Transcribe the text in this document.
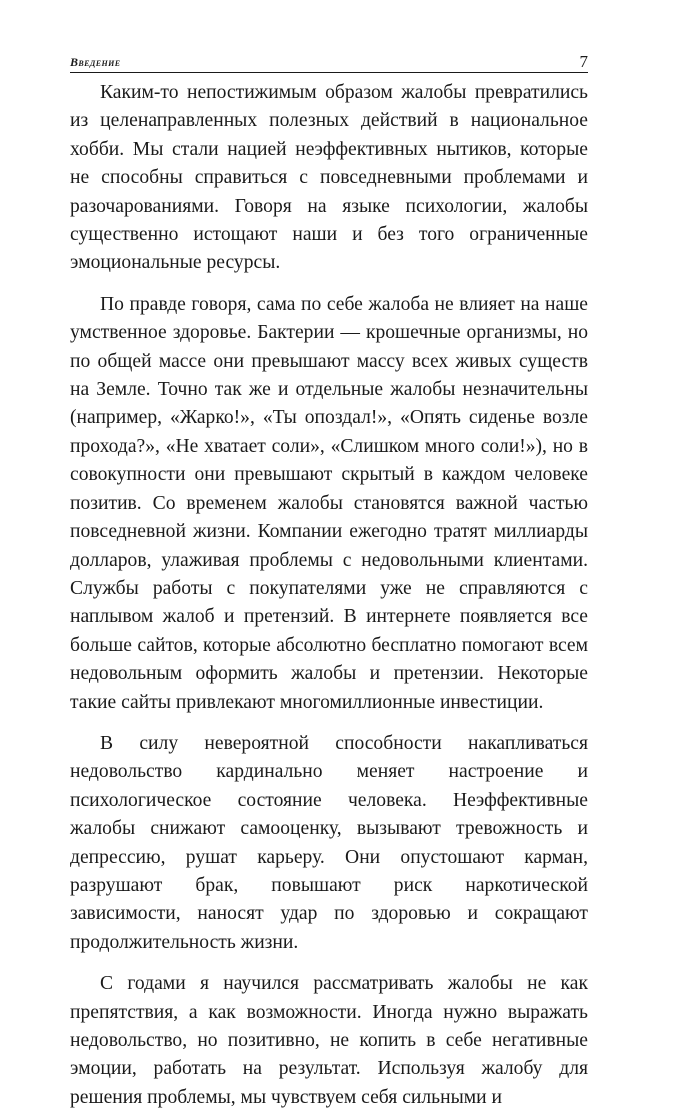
Введение	7

Каким-то непостижимым образом жалобы превратились из целенаправленных полезных действий в национальное хобби. Мы стали нацией неэффективных нытиков, которые не способны справиться с повседневными проблемами и разочарованиями. Говоря на языке психологии, жалобы существенно истощают наши и без того ограниченные эмоциональные ресурсы.

По правде говоря, сама по себе жалоба не влияет на наше умственное здоровье. Бактерии — крошечные организмы, но по общей массе они превышают массу всех живых существ на Земле. Точно так же и отдельные жалобы незначительны (например, «Жарко!», «Ты опоздал!», «Опять сиденье возле прохода?», «Не хватает соли», «Слишком много соли!»), но в совокупности они превышают скрытый в каждом человеке позитив. Со временем жалобы становятся важной частью повседневной жизни. Компании ежегодно тратят миллиарды долларов, улаживая проблемы с недовольными клиентами. Службы работы с покупателями уже не справляются с наплывом жалоб и претензий. В интернете появляется все больше сайтов, которые абсолютно бесплатно помогают всем недовольным оформить жалобы и претензии. Некоторые такие сайты привлекают многомиллионные инвестиции.

В силу невероятной способности накапливаться недовольство кардинально меняет настроение и психологическое состояние человека. Неэффективные жалобы снижают самооценку, вызывают тревожность и депрессию, рушат карьеру. Они опустошают карман, разрушают брак, повышают риск наркотической зависимости, наносят удар по здоровью и сокращают продолжительность жизни.

С годами я научился рассматривать жалобы не как препятствия, а как возможности. Иногда нужно выражать недовольство, но позитивно, не копить в себе негативные эмоции, работать на результат. Используя жалобу для решения проблемы, мы чувствуем себя сильными и
